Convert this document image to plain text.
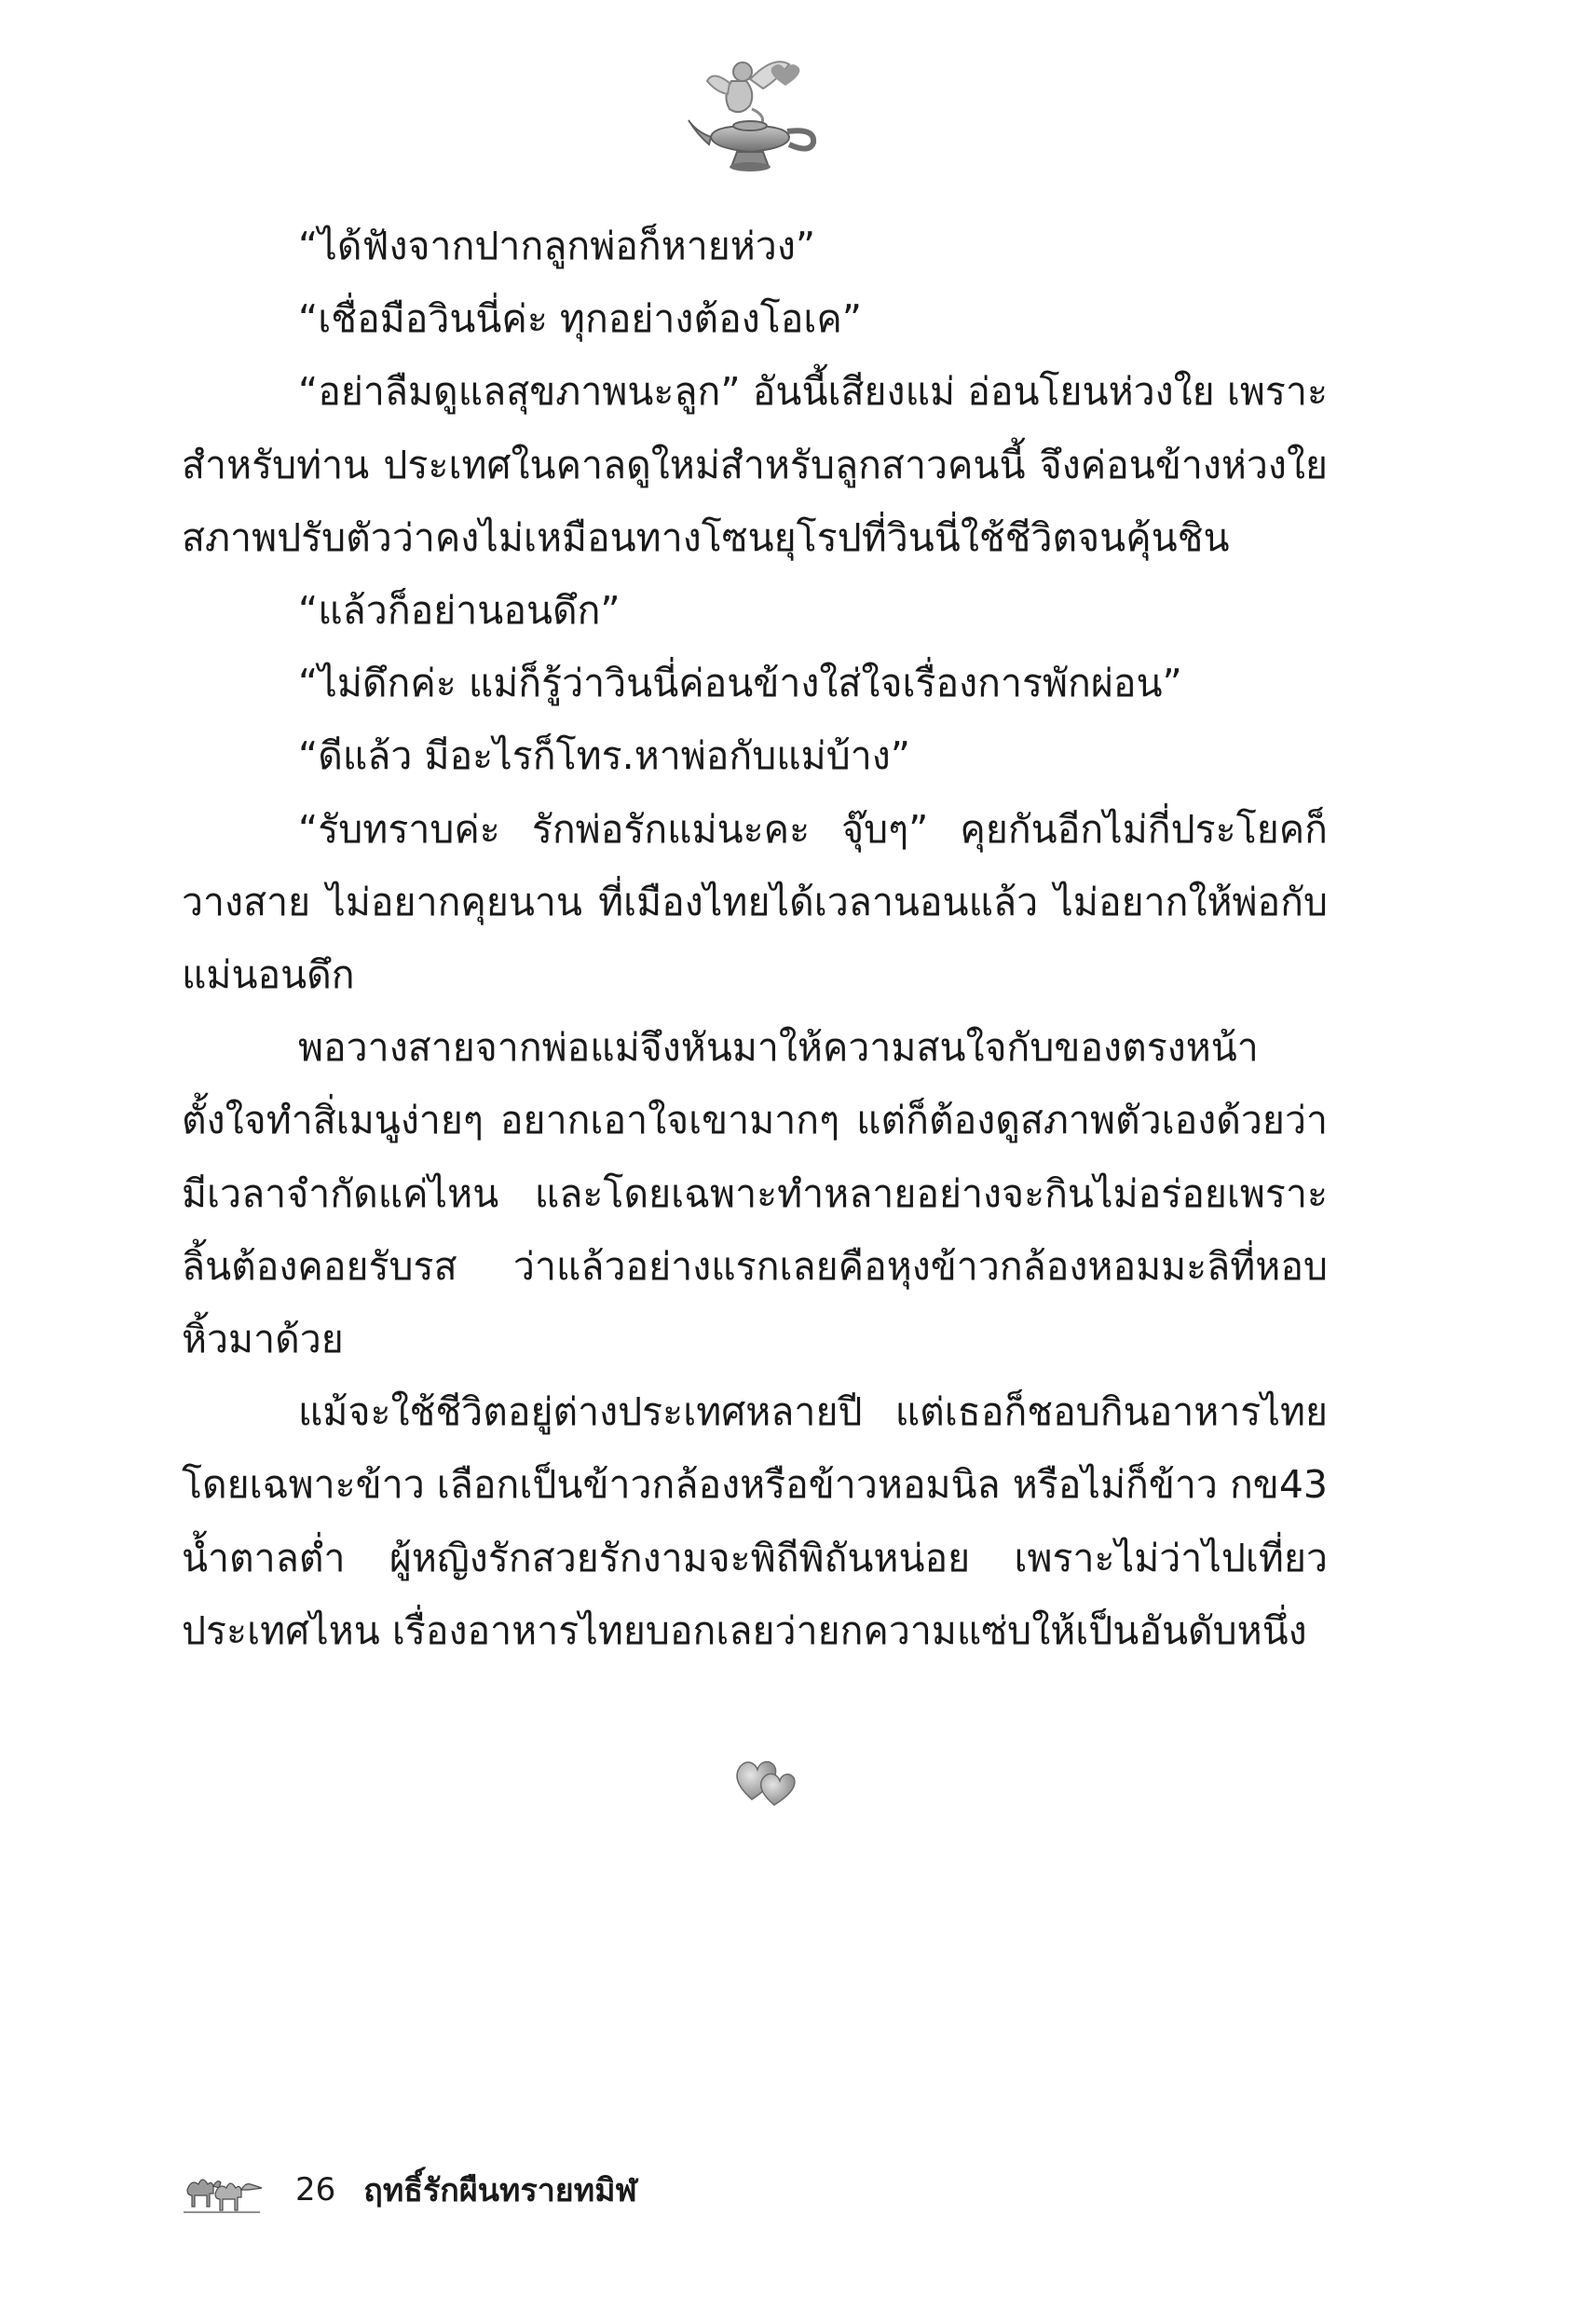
“ได้ฟังจากปากลูกพ่อก็หายห่วง”

“เชื่อมือวินนี่ค่ะ ทุกอย่างต้องโอเค”

“อย่าลืมดูแลสุขภาพนะลูก” อันนี้เสียงแม่ อ่อนโยนห่วงใย เพราะสำหรับท่าน ประเทศในคาลดูใหม่สำหรับลูกสาวคนนี้ จึงค่อนข้างห่วงใยสภาพปรับตัวว่าคงไม่เหมือนทางโซนยุโรปที่วินนี่ใช้ชีวิตจนคุ้นชิน

“แล้วก็อย่านอนดึก”

“ไม่ดึกค่ะ แม่ก็รู้ว่าวินนี่ค่อนข้างใส่ใจเรื่องการพักผ่อน”

“ดีแล้ว มีอะไรก็โทร.หาพ่อกับแม่บ้าง”

“รับทราบค่ะ รักพ่อรักแม่นะคะ จุ๊บๆ” คุยกันอีกไม่กี่ประโยคก็วางสาย ไม่อยากคุยนาน ที่เมืองไทยได้เวลานอนแล้ว ไม่อยากให้พ่อกับแม่นอนดึก

พอวางสายจากพ่อแม่จึงหันมาให้ความสนใจกับของตรงหน้าตั้งใจทำสิ่เมนูง่ายๆ อยากเอาใจเขามากๆ แต่ก็ต้องดูสภาพตัวเองด้วยว่ามีเวลาจำกัดแค่ไหน และโดยเฉพาะทำหลายอย่างจะกินไม่อร่อยเพราะลิ้นต้องคอยรับรส ว่าแล้วอย่างแรกเลยคือหุงข้าวกล้องหอมมะลิที่หอบหิ้วมาด้วย

แม้จะใช้ชีวิตอยู่ต่างประเทศหลายปี แต่เธอก็ชอบกินอาหารไทยโดยเฉพาะข้าว เลือกเป็นข้าวกล้องหรือข้าวหอมนิล หรือไม่ก็ข้าว กข43 น้ำตาลต่ำ ผู้หญิงรักสวยรักงามจะพิถีพิถันหน่อย เพราะไม่ว่าไปเที่ยวประเทศไหน เรื่องอาหารไทยบอกเลยว่ายกความแซ่บให้เป็นอันดับหนึ่ง

26 ฤทธิ์รักผืนทรายทมิฬ
